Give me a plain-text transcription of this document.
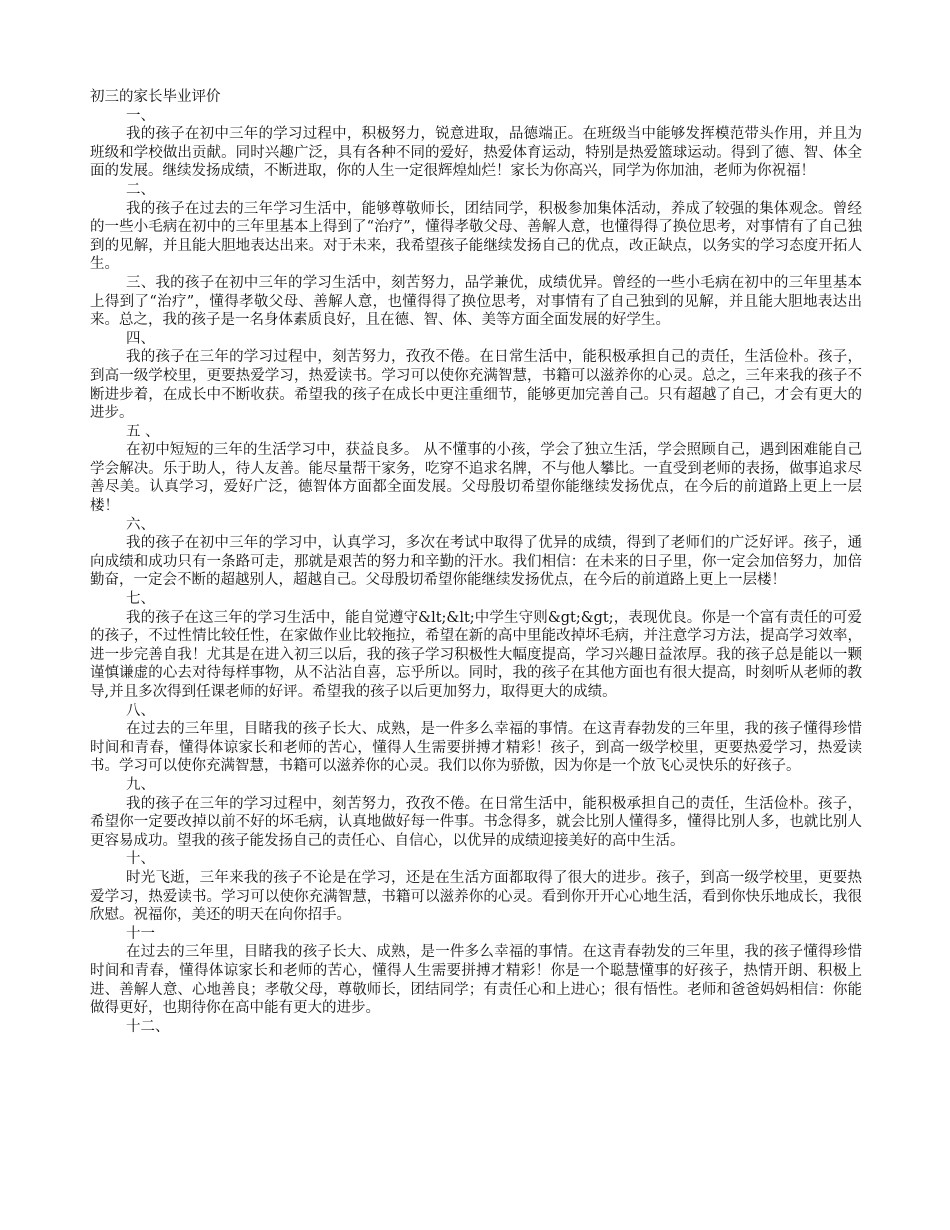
初三的家长毕业评价

一、

我的孩子在初中三年的学习过程中，积极努力，锐意进取，品德端正。在班级当中能够发挥模范带头作用，并且为班级和学校做出贡献。同时兴趣广泛，具有各种不同的爱好，热爱体育运动，特别是热爱篮球运动。得到了德、智、体全面的发展。继续发扬成绩，不断进取，你的人生一定很辉煌灿烂！家长为你高兴，同学为你加油，老师为你祝福！

二、

我的孩子在过去的三年学习生活中，能够尊敬师长，团结同学，积极参加集体活动，养成了较强的集体观念。曾经的一些小毛病在初中的三年里基本上得到了“治疗”，懂得孝敬父母、善解人意，也懂得得了换位思考，对事情有了自己独到的见解，并且能大胆地表达出来。对于未来，我希望孩子能继续发扬自己的优点，改正缺点，以务实的学习态度开拓人生。

三、我的孩子在初中三年的学习生活中，刻苦努力，品学兼优，成绩优异。曾经的一些小毛病在初中的三年里基本上得到了“治疗”，懂得孝敬父母、善解人意，也懂得得了换位思考，对事情有了自己独到的见解，并且能大胆地表达出来。总之，我的孩子是一名身体素质良好，且在德、智、体、美等方面全面发展的好学生。

四、

我的孩子在三年的学习过程中，刻苦努力，孜孜不倦。在日常生活中，能积极承担自己的责任，生活俭朴。孩子，到高一级学校里，更要热爱学习，热爱读书。学习可以使你充满智慧，书籍可以滋养你的心灵。总之，三年来我的孩子不断进步着，在成长中不断收获。希望我的孩子在成长中更注重细节，能够更加完善自己。只有超越了自己，才会有更大的进步。

五 、

在初中短短的三年的生活学习中，获益良多。 从不懂事的小孩，学会了独立生活，学会照顾自己，遇到困难能自己学会解决。乐于助人，待人友善。能尽量帮干家务，吃穿不追求名牌，不与他人攀比。一直受到老师的表扬，做事追求尽善尽美。认真学习，爱好广泛，德智体方面都全面发展。父母殷切希望你能继续发扬优点，在今后的前道路上更上一层楼！

六、

我的孩子在初中三年的学习中，认真学习，多次在考试中取得了优异的成绩，得到了老师们的广泛好评。孩子，通向成绩和成功只有一条路可走，那就是艰苦的努力和辛勤的汗水。我们相信：在未来的日子里，你一定会加倍努力，加倍勤奋，一定会不断的超越别人，超越自己。父母殷切希望你能继续发扬优点，在今后的前道路上更上一层楼！

七、

我的孩子在这三年的学习生活中，能自觉遵守&lt;&lt;中学生守则&gt;&gt;，表现优良。你是一个富有责任的可爱的孩子，不过性情比较任性，在家做作业比较拖拉，希望在新的高中里能改掉坏毛病，并注意学习方法，提高学习效率，进一步完善自我！尤其是在进入初三以后，我的孩子学习积极性大幅度提高，学习兴趣日益浓厚。我的孩子总是能以一颗谨慎谦虚的心去对待每样事物，从不沾沾自喜，忘乎所以。同时，我的孩子在其他方面也有很大提高，时刻听从老师的教导,并且多次得到任课老师的好评。希望我的孩子以后更加努力，取得更大的成绩。

八、

在过去的三年里，目睹我的孩子长大、成熟，是一件多么幸福的事情。在这青春勃发的三年里，我的孩子懂得珍惜时间和青春，懂得体谅家长和老师的苦心，懂得人生需要拼搏才精彩！孩子，到高一级学校里，更要热爱学习，热爱读书。学习可以使你充满智慧，书籍可以滋养你的心灵。我们以你为骄傲，因为你是一个放飞心灵快乐的好孩子。

九、

我的孩子在三年的学习过程中，刻苦努力，孜孜不倦。在日常生活中，能积极承担自己的责任，生活俭朴。孩子，希望你一定要改掉以前不好的坏毛病，认真地做好每一件事。书念得多，就会比别人懂得多，懂得比别人多，也就比别人更容易成功。望我的孩子能发扬自己的责任心、自信心，以优异的成绩迎接美好的高中生活。

十、

时光飞逝，三年来我的孩子不论是在学习，还是在生活方面都取得了很大的进步。孩子，到高一级学校里，更要热爱学习，热爱读书。学习可以使你充满智慧，书籍可以滋养你的心灵。看到你开开心心地生活，看到你快乐地成长，我很欣慰。祝福你，美还的明天在向你招手。

十一

在过去的三年里，目睹我的孩子长大、成熟，是一件多么幸福的事情。在这青春勃发的三年里，我的孩子懂得珍惜时间和青春，懂得体谅家长和老师的苦心，懂得人生需要拼搏才精彩！你是一个聪慧懂事的好孩子，热情开朗、积极上进、善解人意、心地善良；孝敬父母，尊敬师长，团结同学；有责任心和上进心；很有悟性。老师和爸爸妈妈相信：你能做得更好，也期待你在高中能有更大的进步。

十二、
